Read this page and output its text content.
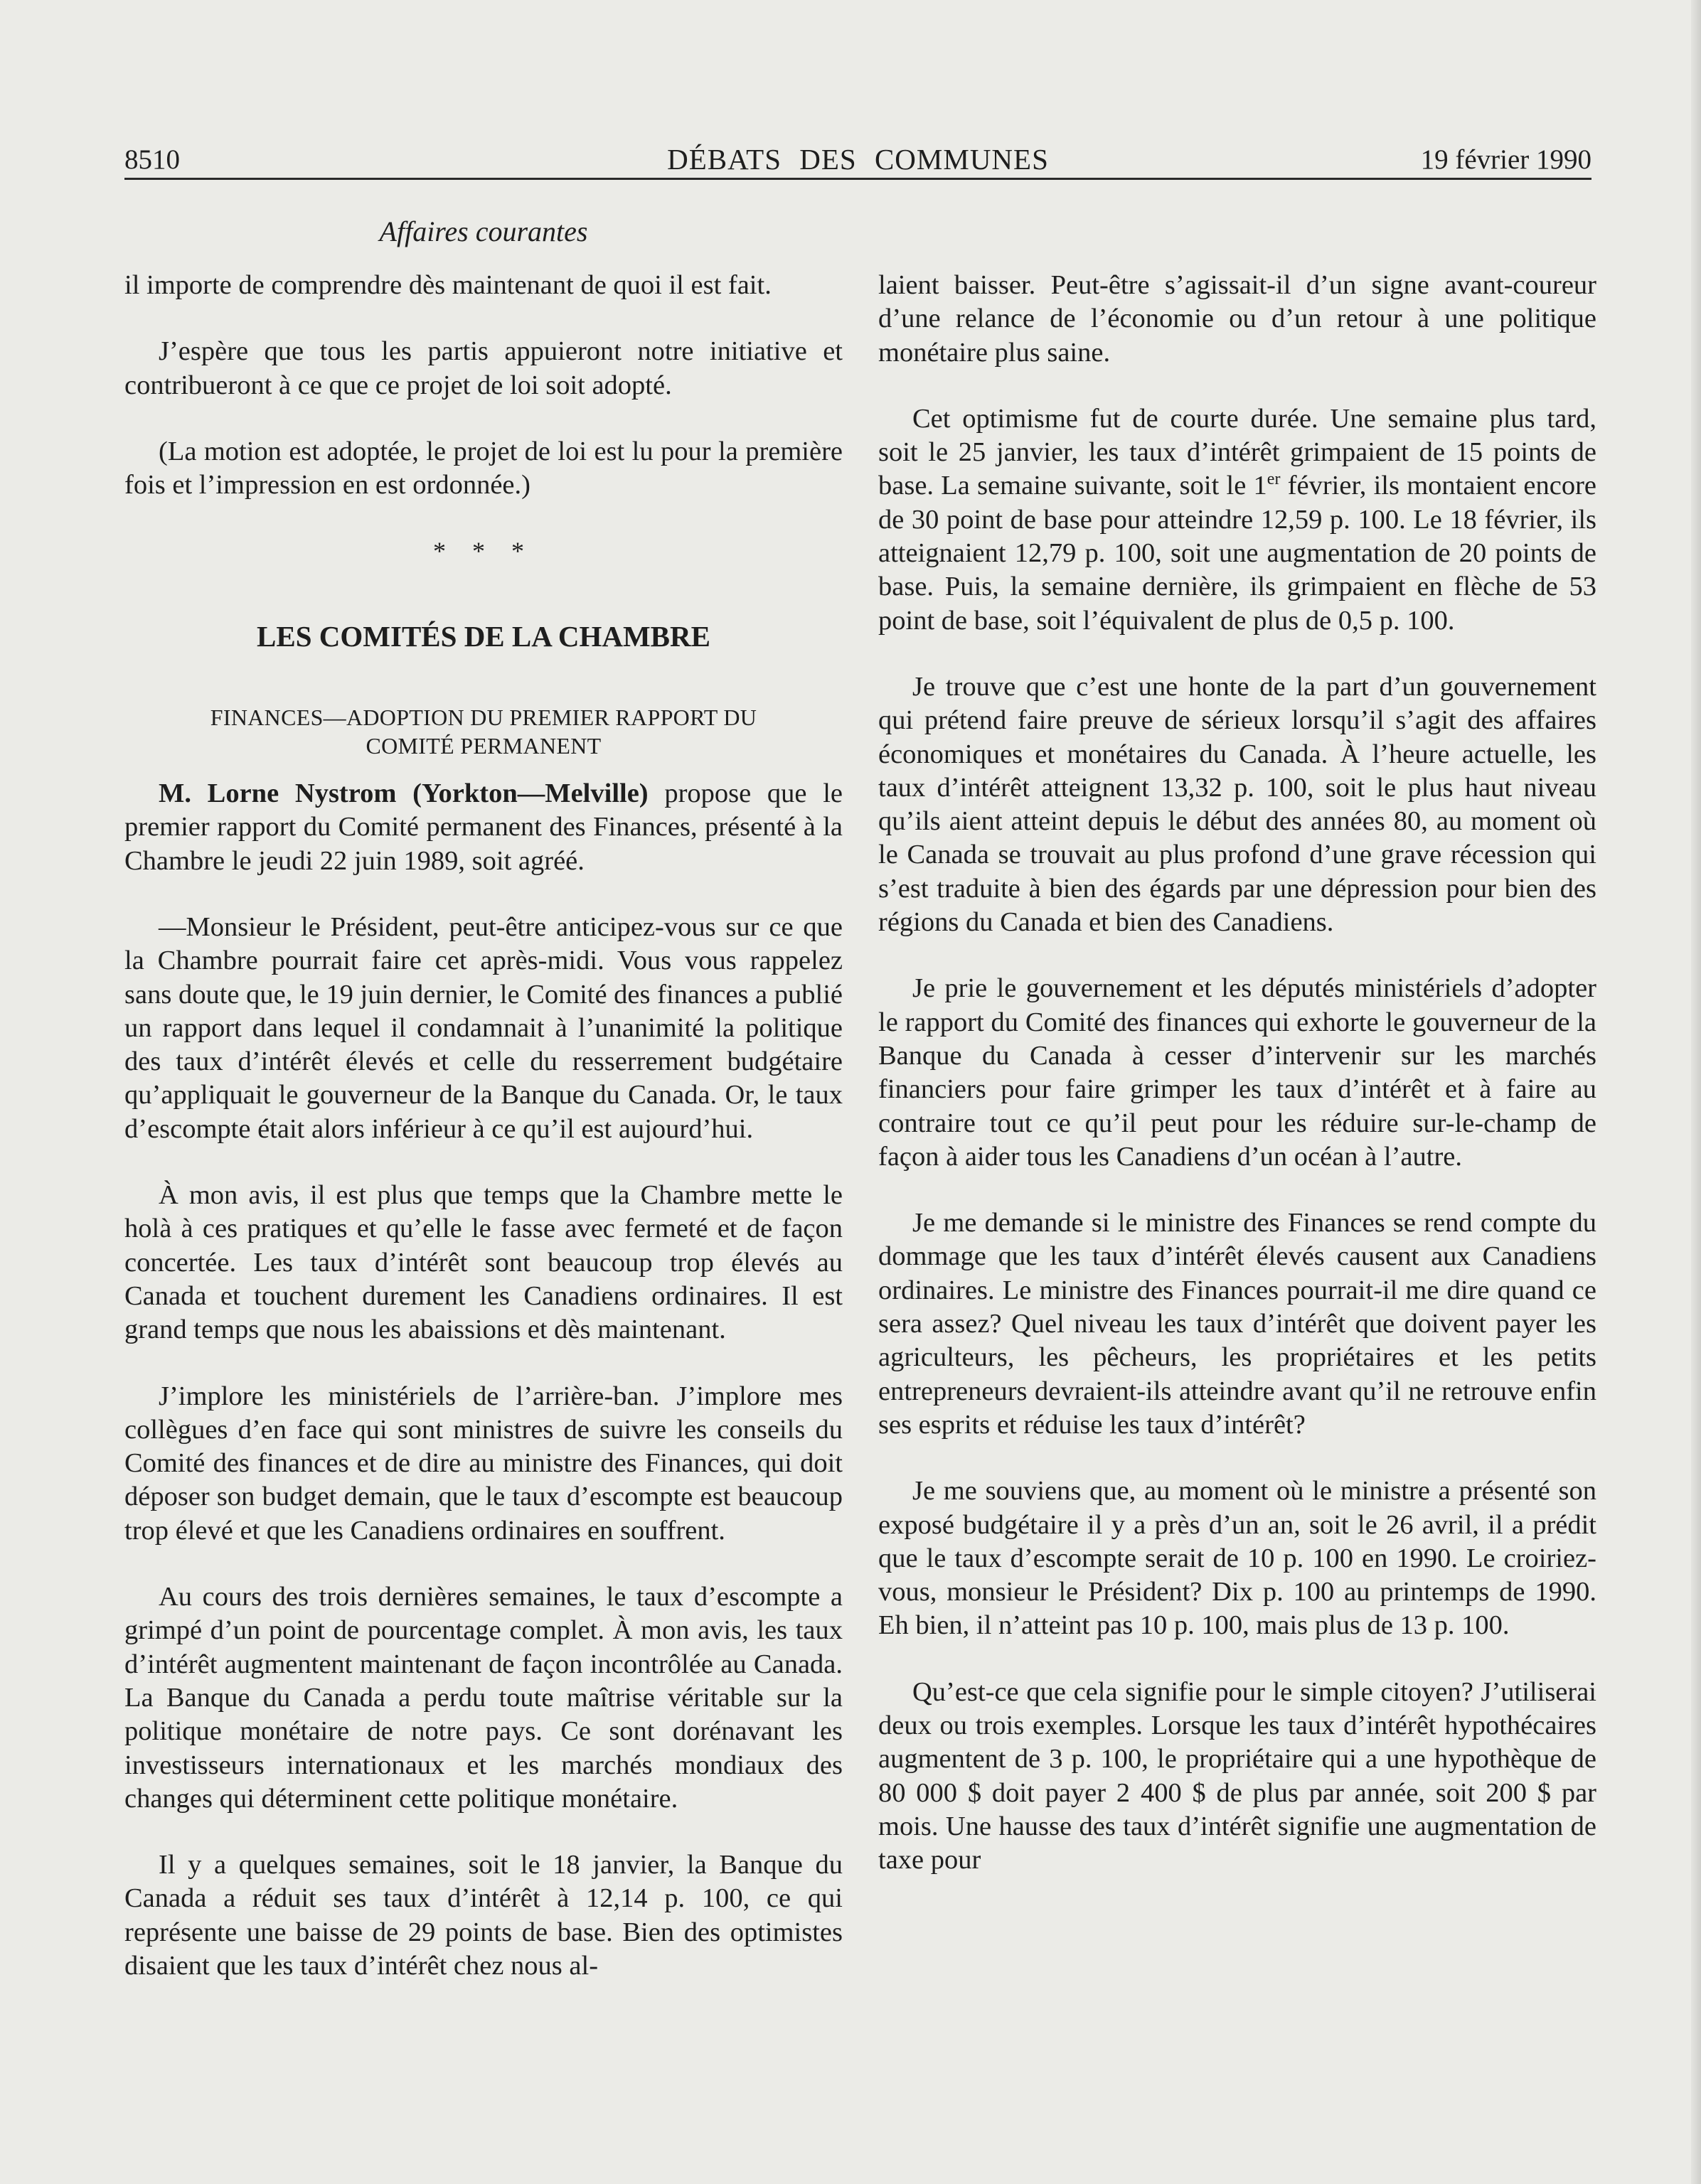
8510	DÉBATS DES COMMUNES	19 février 1990
Affaires courantes

il importe de comprendre dès maintenant de quoi il est fait.

J’espère que tous les partis appuieront notre initiative et contribueront à ce que ce projet de loi soit adopté.

(La motion est adoptée, le projet de loi est lu pour la première fois et l’impression en est ordonnée.)

* * *
LES COMITÉS DE LA CHAMBRE
FINANCES—ADOPTION DU PREMIER RAPPORT DU
COMITÉ PERMANENT

M. Lorne Nystrom (Yorkton—Melville) propose que le premier rapport du Comité permanent des Finances, présenté à la Chambre le jeudi 22 juin 1989, soit agréé.

—Monsieur le Président, peut-être anticipez-vous sur ce que la Chambre pourrait faire cet après-midi. Vous vous rappelez sans doute que, le 19 juin dernier, le Comité des finances a publié un rapport dans lequel il condamnait à l’unanimité la politique des taux d’intérêt élevés et celle du resserrement budgétaire qu’appliquait le gouverneur de la Banque du Canada. Or, le taux d’escompte était alors inférieur à ce qu’il est aujourd’hui.

À mon avis, il est plus que temps que la Chambre mette le holà à ces pratiques et qu’elle le fasse avec fermeté et de façon concertée. Les taux d’intérêt sont beaucoup trop élevés au Canada et touchent durement les Canadiens ordinaires. Il est grand temps que nous les abaissions et dès maintenant.

J’implore les ministériels de l’arrière-ban. J’implore mes collègues d’en face qui sont ministres de suivre les conseils du Comité des finances et de dire au ministre des Finances, qui doit déposer son budget demain, que le taux d’escompte est beaucoup trop élevé et que les Canadiens ordinaires en souffrent.

Au cours des trois dernières semaines, le taux d’escompte a grimpé d’un point de pourcentage complet. À mon avis, les taux d’intérêt augmentent maintenant de façon incontrôlée au Canada. La Banque du Canada a perdu toute maîtrise véritable sur la politique monétaire de notre pays. Ce sont dorénavant les investisseurs internationaux et les marchés mondiaux des changes qui déterminent cette politique monétaire.

Il y a quelques semaines, soit le 18 janvier, la Banque du Canada a réduit ses taux d’intérêt à 12,14 p. 100, ce qui représente une baisse de 29 points de base. Bien des optimistes disaient que les taux d’intérêt chez nous al-

laient baisser. Peut-être s’agissait-il d’un signe avant-coureur d’une relance de l’économie ou d’un retour à une politique monétaire plus saine.

Cet optimisme fut de courte durée. Une semaine plus tard, soit le 25 janvier, les taux d’intérêt grimpaient de 15 points de base. La semaine suivante, soit le 1er février, ils montaient encore de 30 point de base pour atteindre 12,59 p. 100. Le 18 février, ils atteignaient 12,79 p. 100, soit une augmentation de 20 points de base. Puis, la semaine dernière, ils grimpaient en flèche de 53 point de base, soit l’équivalent de plus de 0,5 p. 100.

Je trouve que c’est une honte de la part d’un gouvernement qui prétend faire preuve de sérieux lorsqu’il s’agit des affaires économiques et monétaires du Canada. À l’heure actuelle, les taux d’intérêt atteignent 13,32 p. 100, soit le plus haut niveau qu’ils aient atteint depuis le début des années 80, au moment où le Canada se trouvait au plus profond d’une grave récession qui s’est traduite à bien des égards par une dépression pour bien des régions du Canada et bien des Canadiens.

Je prie le gouvernement et les députés ministériels d’adopter le rapport du Comité des finances qui exhorte le gouverneur de la Banque du Canada à cesser d’intervenir sur les marchés financiers pour faire grimper les taux d’intérêt et à faire au contraire tout ce qu’il peut pour les réduire sur-le-champ de façon à aider tous les Canadiens d’un océan à l’autre.

Je me demande si le ministre des Finances se rend compte du dommage que les taux d’intérêt élevés causent aux Canadiens ordinaires. Le ministre des Finances pourrait-il me dire quand ce sera assez? Quel niveau les taux d’intérêt que doivent payer les agriculteurs, les pêcheurs, les propriétaires et les petits entrepreneurs devraient-ils atteindre avant qu’il ne retrouve enfin ses esprits et réduise les taux d’intérêt?

Je me souviens que, au moment où le ministre a présenté son exposé budgétaire il y a près d’un an, soit le 26 avril, il a prédit que le taux d’escompte serait de 10 p. 100 en 1990. Le croiriez-vous, monsieur le Président? Dix p. 100 au printemps de 1990. Eh bien, il n’atteint pas 10 p. 100, mais plus de 13 p. 100.

Qu’est-ce que cela signifie pour le simple citoyen? J’utiliserai deux ou trois exemples. Lorsque les taux d’intérêt hypothécaires augmentent de 3 p. 100, le propriétaire qui a une hypothèque de 80 000 $ doit payer 2 400 $ de plus par année, soit 200 $ par mois. Une hausse des taux d’intérêt signifie une augmentation de taxe pour
